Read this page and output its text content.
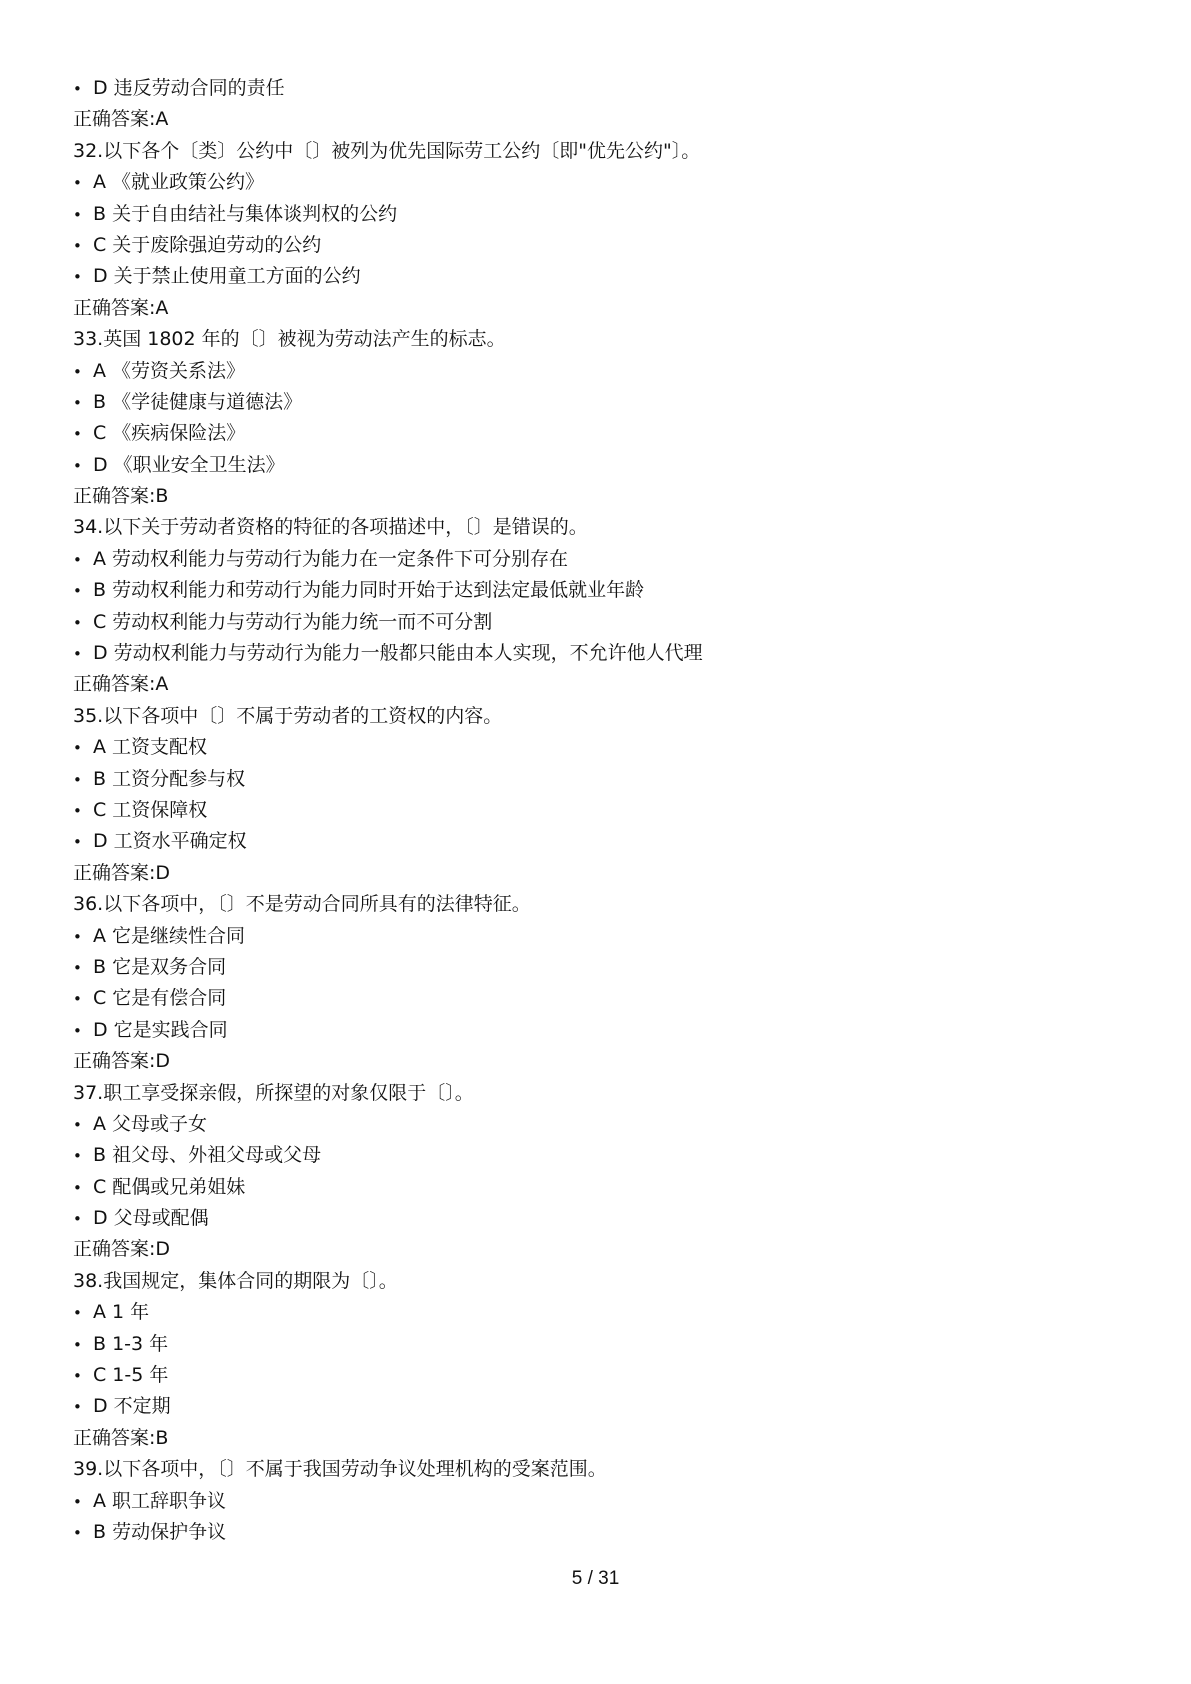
• D 违反劳动合同的责任
正确答案:A
32.以下各个〔类〕公约中〔〕被列为优先国际劳工公约〔即"优先公约"〕。
• A 《就业政策公约》
• B 关于自由结社与集体谈判权的公约
• C 关于废除强迫劳动的公约
• D 关于禁止使用童工方面的公约
正确答案:A
33.英国 1802 年的〔〕被视为劳动法产生的标志。
• A 《劳资关系法》
• B 《学徒健康与道德法》
• C 《疾病保险法》
• D 《职业安全卫生法》
正确答案:B
34.以下关于劳动者资格的特征的各项描述中，〔〕是错误的。
• A 劳动权利能力与劳动行为能力在一定条件下可分别存在
• B 劳动权利能力和劳动行为能力同时开始于达到法定最低就业年龄
• C 劳动权利能力与劳动行为能力统一而不可分割
• D 劳动权利能力与劳动行为能力一般都只能由本人实现，不允许他人代理
正确答案:A
35.以下各项中〔〕不属于劳动者的工资权的内容。
• A 工资支配权
• B 工资分配参与权
• C 工资保障权
• D 工资水平确定权
正确答案:D
36.以下各项中，〔〕不是劳动合同所具有的法律特征。
• A 它是继续性合同
• B 它是双务合同
• C 它是有偿合同
• D 它是实践合同
正确答案:D
37.职工享受探亲假，所探望的对象仅限于〔〕。
• A 父母或子女
• B 祖父母、外祖父母或父母
• C 配偶或兄弟姐妹
• D 父母或配偶
正确答案:D
38.我国规定，集体合同的期限为〔〕。
• A 1 年
• B 1-3 年
• C 1-5 年
• D 不定期
正确答案:B
39.以下各项中，〔〕不属于我国劳动争议处理机构的受案范围。
• A 职工辞职争议
• B 劳动保护争议
5 / 31
